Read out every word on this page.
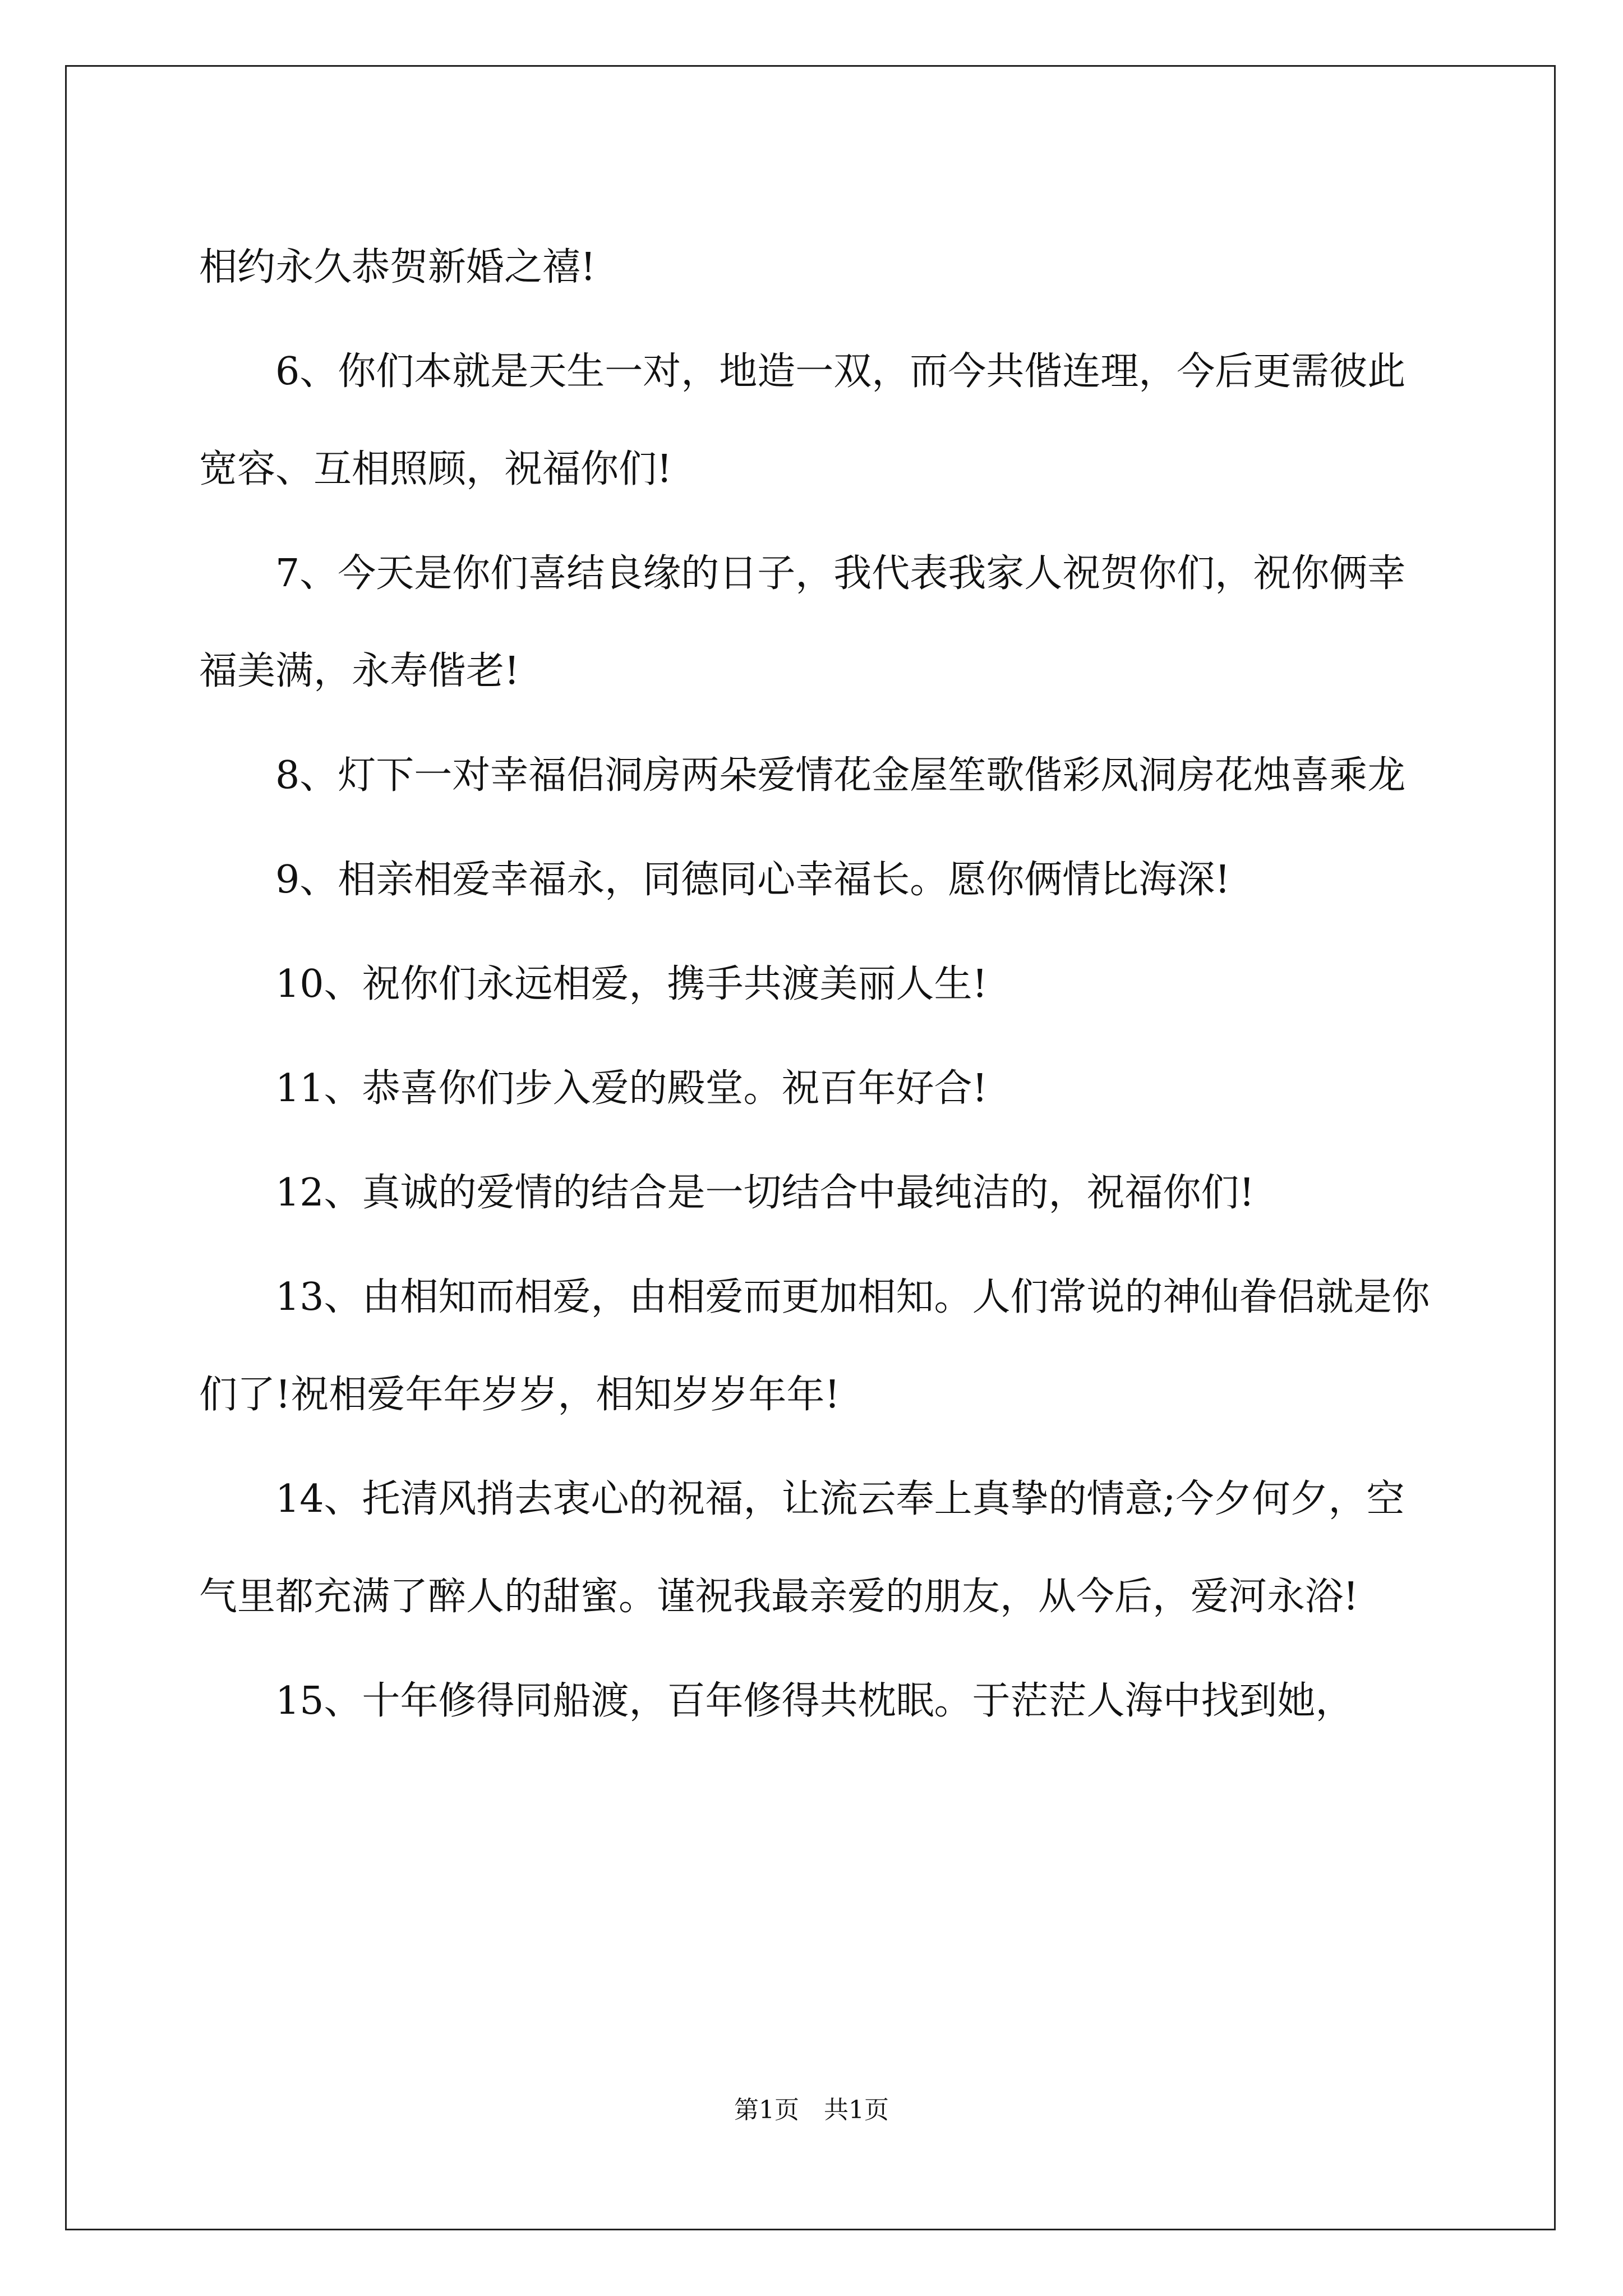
相约永久恭贺新婚之禧!

6、你们本就是天生一对，地造一双，而今共偕连理，今后更需彼此宽容、互相照顾，祝福你们!

7、今天是你们喜结良缘的日子，我代表我家人祝贺你们，祝你俩幸福美满，永寿偕老!

8、灯下一对幸福侣洞房两朵爱情花金屋笙歌偕彩凤洞房花烛喜乘龙

9、相亲相爱幸福永，同德同心幸福长。愿你俩情比海深!

10、祝你们永远相爱，携手共渡美丽人生!

11、恭喜你们步入爱的殿堂。祝百年好合!

12、真诚的爱情的结合是一切结合中最纯洁的，祝福你们!

13、由相知而相爱，由相爱而更加相知。人们常说的神仙眷侣就是你们了!祝相爱年年岁岁，相知岁岁年年!

14、托清风捎去衷心的祝福，让流云奉上真挚的情意;今夕何夕，空气里都充满了醉人的甜蜜。谨祝我最亲爱的朋友，从今后，爱河永浴!

15、十年修得同船渡，百年修得共枕眠。于茫茫人海中找到她，

第1页　共1页
